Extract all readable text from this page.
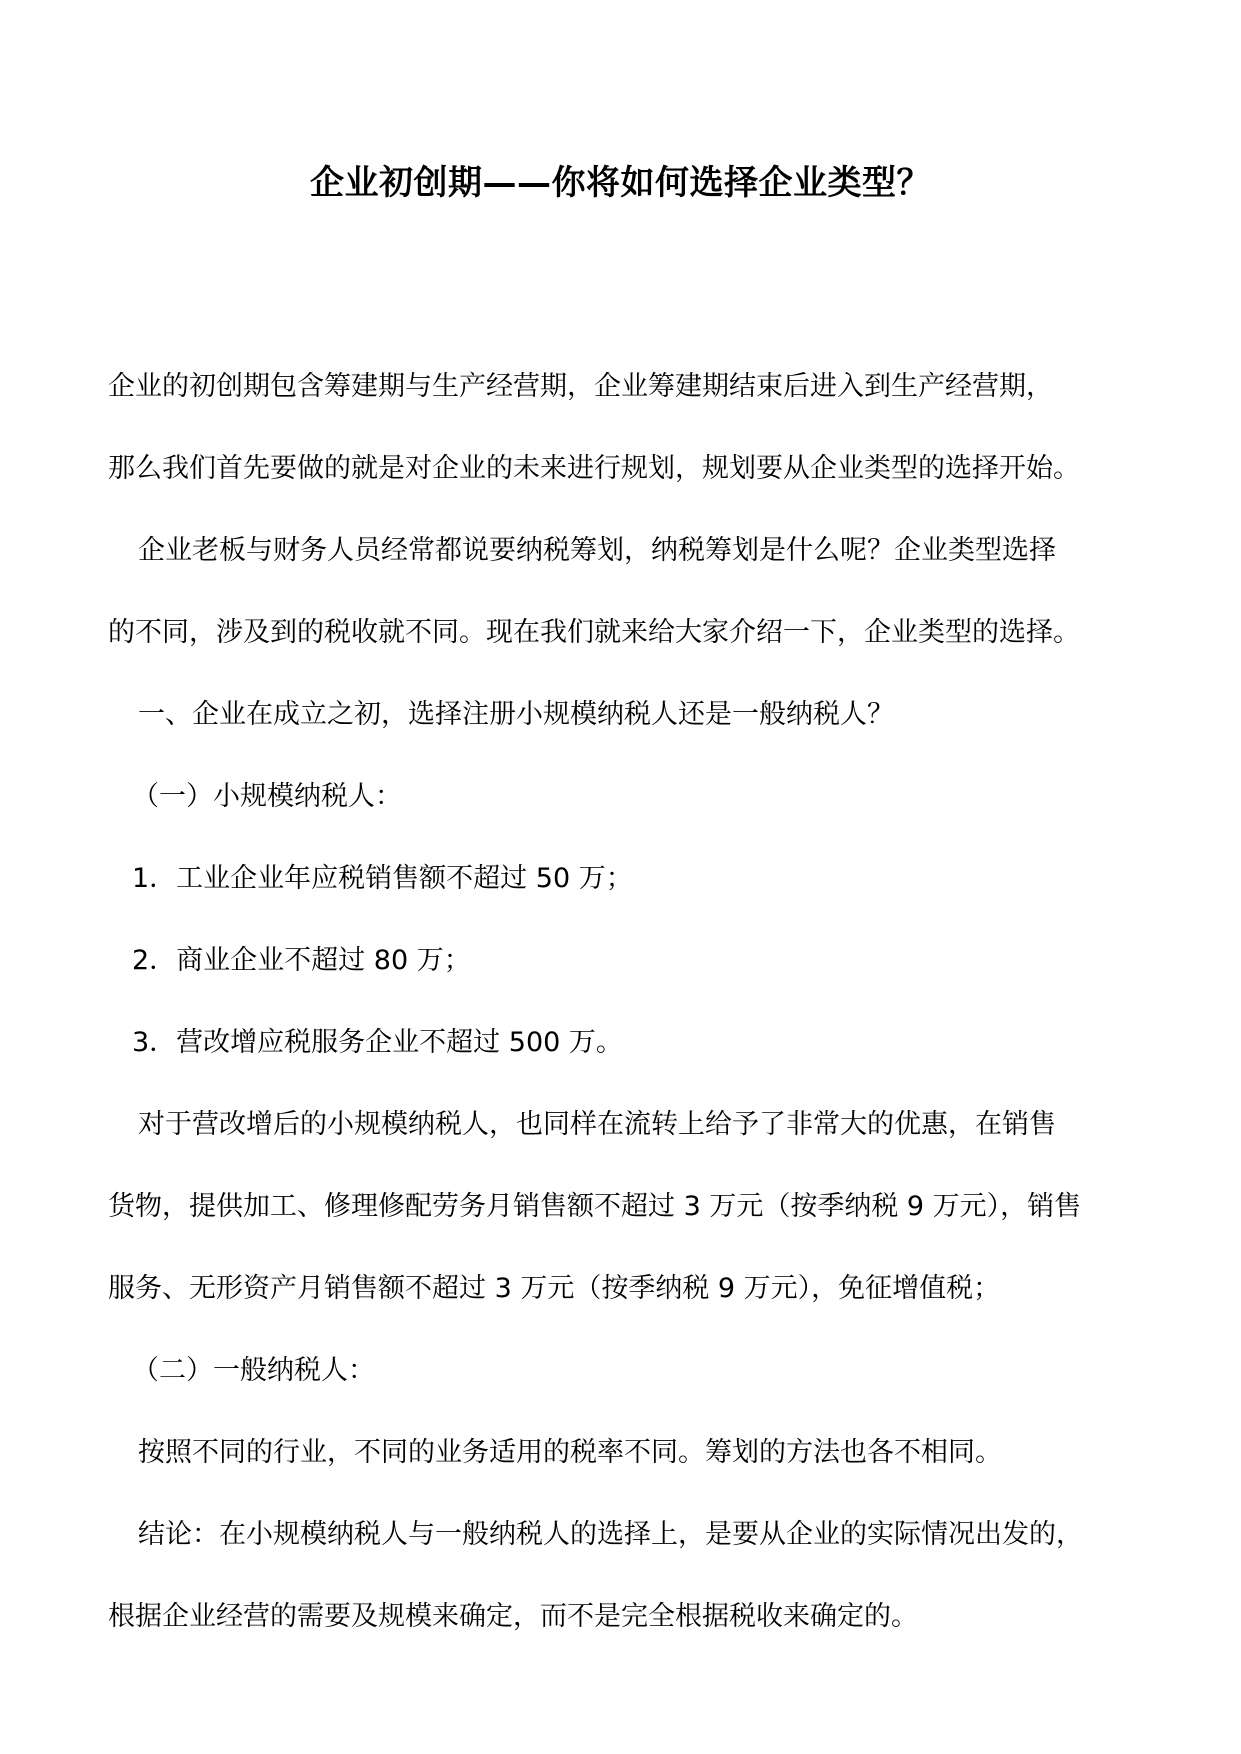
企业初创期——你将如何选择企业类型？

企业的初创期包含筹建期与生产经营期，企业筹建期结束后进入到生产经营期，

那么我们首先要做的就是对企业的未来进行规划，规划要从企业类型的选择开始。

企业老板与财务人员经常都说要纳税筹划，纳税筹划是什么呢？企业类型选择

的不同，涉及到的税收就不同。现在我们就来给大家介绍一下，企业类型的选择。

一、企业在成立之初，选择注册小规模纳税人还是一般纳税人？

（一）小规模纳税人：

1．工业企业年应税销售额不超过 50 万；

2．商业企业不超过 80 万；

3．营改增应税服务企业不超过 500 万。

对于营改增后的小规模纳税人，也同样在流转上给予了非常大的优惠，在销售

货物，提供加工、修理修配劳务月销售额不超过 3 万元（按季纳税 9 万元），销售

服务、无形资产月销售额不超过 3 万元（按季纳税 9 万元），免征增值税；

（二）一般纳税人：

按照不同的行业，不同的业务适用的税率不同。筹划的方法也各不相同。

结论：在小规模纳税人与一般纳税人的选择上，是要从企业的实际情况出发的，

根据企业经营的需要及规模来确定，而不是完全根据税收来确定的。
